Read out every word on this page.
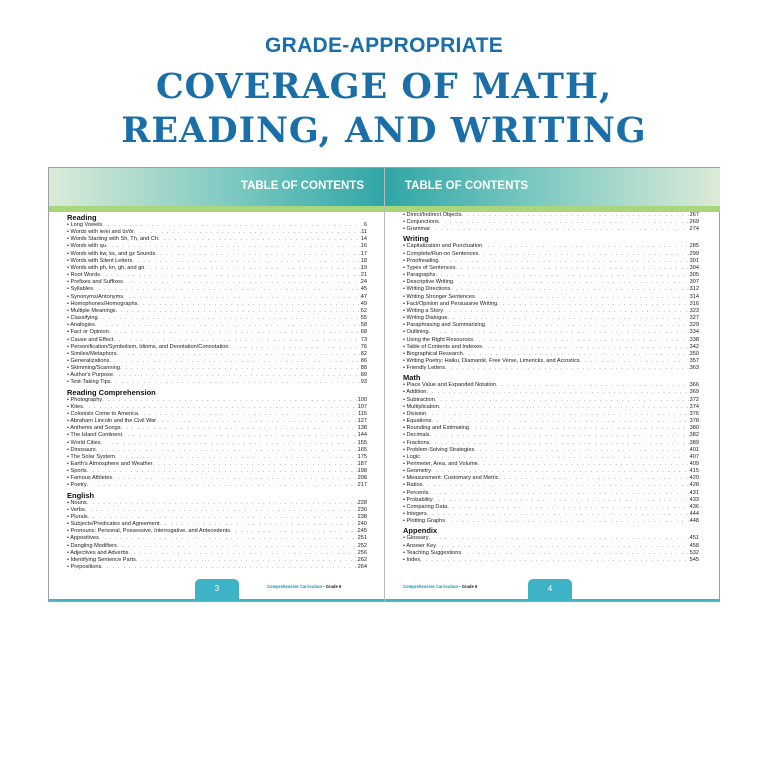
GRADE-APPROPRIATE
COVERAGE OF MATH,
READING, AND WRITING
TABLE OF CONTENTS
Reading
• Long Vowels . . .	6
• Words with ie/ei and ûr/ôr . . .	11
• Words Starting with Sh, Th, and Ch . . .	14
• Words with qu . . .	16
• Words with kw, ks, and gz Sounds . . .	17
• Words with Silent Letters . . .	18
• Words with ph, kn, gh, and gn . . .	19
• Root Words . . .	21
• Prefixes and Suffixes . . .	24
• Syllables . . .	45
• Synonyms/Antonyms . . .	47
• Homophones/Homographs . . .	49
• Multiple Meanings . . .	52
• Classifying . . .	55
• Analogies . . .	58
• Fact or Opinion . . .	68
• Cause and Effect . . .	73
• Personification/Symbolism, Idioms, and Denotation/Connotation . . .	76
• Similes/Metaphors . . .	82
• Generalizations . . .	86
• Skimming/Scanning . . .	88
• Author's Purpose . . .	89
• Test-Taking Tips . . .	93
Reading Comprehension
• Photography . . .	100
• Kites . . .	107
• Colonists Come to America . . .	115
• Abraham Lincoln and the Civil War . . .	127
• Anthems and Songs . . .	138
• The Island Continent . . .	144
• World Cities . . .	155
• Dinosaurs . . .	165
• The Solar System . . .	175
• Earth's Atmosphere and Weather . . .	187
• Sports . . .	198
• Famous Athletes . . .	208
• Poetry . . .	217
English
• Nouns . . .	228
• Verbs . . .	230
• Plurals . . .	238
• Subjects/Predicates and Agreement . . .	240
• Pronouns: Personal, Possessive, Interrogative, and Antecedents . . .	245
• Appositives . . .	251
• Dangling Modifiers . . .	252
• Adjectives and Adverbs . . .	256
• Identifying Sentence Parts . . .	262
• Prepositions . . .	264
3	Comprehensive Curriculum • Grade 6
TABLE OF CONTENTS
• Direct/Indirect Objects . . .	267
• Conjunctions . . .	269
• Grammar . . .	274
Writing
• Capitalization and Punctuation . . .	285
• Complete/Run-on Sentences . . .	299
• Proofreading . . .	301
• Types of Sentences . . .	304
• Paragraphs . . .	305
• Descriptive Writing . . .	307
• Writing Directions . . .	312
• Writing Stronger Sentences . . .	314
• Fact/Opinion and Persuasive Writing . . .	316
• Writing a Story . . .	323
• Writing Dialogue . . .	327
• Paraphrasing and Summarizing . . .	329
• Outlining . . .	334
• Using the Right Resources . . .	338
• Table of Contents and Indexes . . .	342
• Biographical Research . . .	350
• Writing Poetry: Haiku, Diamanté, Free Verse, Limericks, and Acrostics . . .	357
• Friendly Letters . . .	363
Math
• Place Value and Expanded Notation . . .	366
• Addition . . .	369
• Subtraction . . .	372
• Multiplication . . .	374
• Division . . .	376
• Equations . . .	378
• Rounding and Estimating . . .	380
• Decimals . . .	382
• Fractions . . .	389
• Problem-Solving Strategies . . .	401
• Logic . . .	407
• Perimeter, Area, and Volume . . .	409
• Geometry . . .	415
• Measurement: Customary and Metric . . .	420
• Ratios . . .	428
• Percents . . .	431
• Probability . . .	433
• Comparing Data . . .	436
• Integers . . .	444
• Plotting Graphs . . .	448
Appendix
• Glossary . . .	451
• Answer Key . . .	458
• Teaching Suggestions . . .	532
• Index . . .	545
4
Comprehensive Curriculum • Grade 6
